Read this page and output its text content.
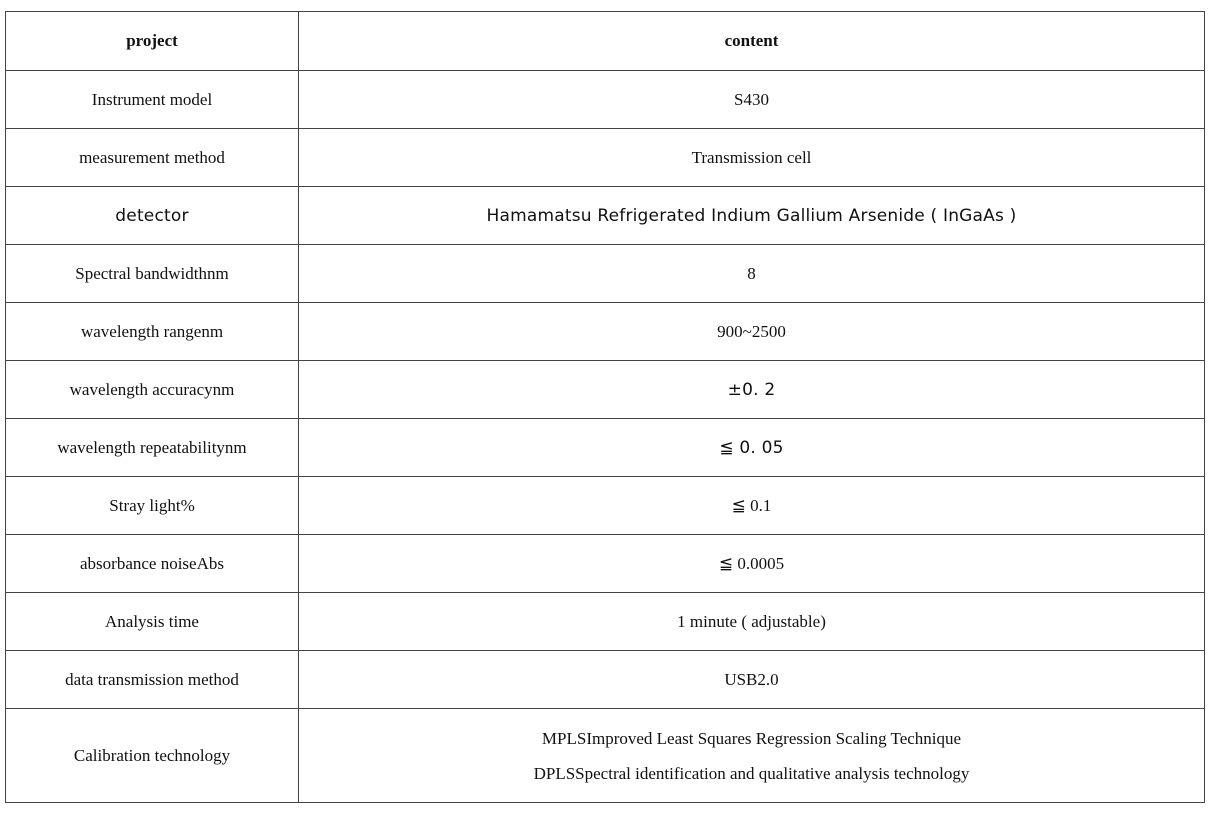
project	content
Instrument model	S430
measurement method	Transmission cell
detector	Hamamatsu Refrigerated Indium Gallium Arsenide ( InGaAs )
Spectral bandwidthnm	8
wavelength rangenm	900~2500
wavelength accuracynm	±0. 2
wavelength repeatabilitynm	≦ 0. 05
Stray light%	≦ 0.1
absorbance noiseAbs	≦ 0.0005
Analysis time	1 minute ( adjustable)
data transmission method	USB2.0
Calibration technology	MPLSImproved Least Squares Regression Scaling Technique
DPLSSpectral identification and qualitative analysis technology
